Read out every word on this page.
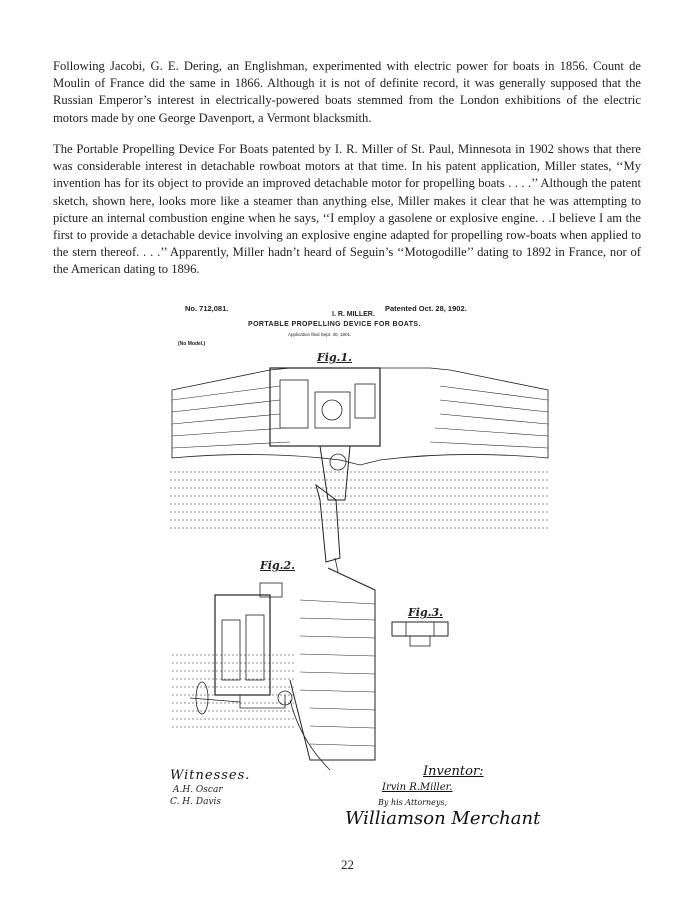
Following Jacobi, G. E. Dering, an Englishman, experimented with electric power for boats in 1856. Count de Moulin of France did the same in 1866. Although it is not of definite record, it was generally supposed that the Russian Emperor’s interest in electrically-powered boats stemmed from the London exhibitions of the electric motors made by one George Davenport, a Vermont blacksmith.

The Portable Propelling Device For Boats patented by I. R. Miller of St. Paul, Minnesota in 1902 shows that there was considerable interest in detachable rowboat motors at that time. In his patent application, Miller states, ‘‘My invention has for its object to provide an improved detachable motor for propelling boats . . . .’’ Although the patent sketch, shown here, looks more like a steamer than anything else, Miller makes it clear that he was attempting to picture an internal combustion engine when he says, ‘‘I employ a gasolene or explosive engine. . .I believe I am the first to provide a detachable device involving an explosive engine adapted for propelling row-boats when applied to the stern thereof. . . .’’ Apparently, Miller hadn’t heard of Seguin’s ‘‘Motogodille’’ dating to 1892 in France, nor of the American dating to 1896.

No. 712,081.	Patented Oct. 28, 1902.
I. R. MILLER.
PORTABLE PROPELLING DEVICE FOR BOATS.
Application filed Sept. 30, 1901.
(No Model.)
Fig.1.
Fig.2.
Fig.3.
Witnesses.
A.H. Oscar
C. H. Davis
Inventor:
Irvin R.Miller.
By his Attorneys,
Williamson Merchant
22
